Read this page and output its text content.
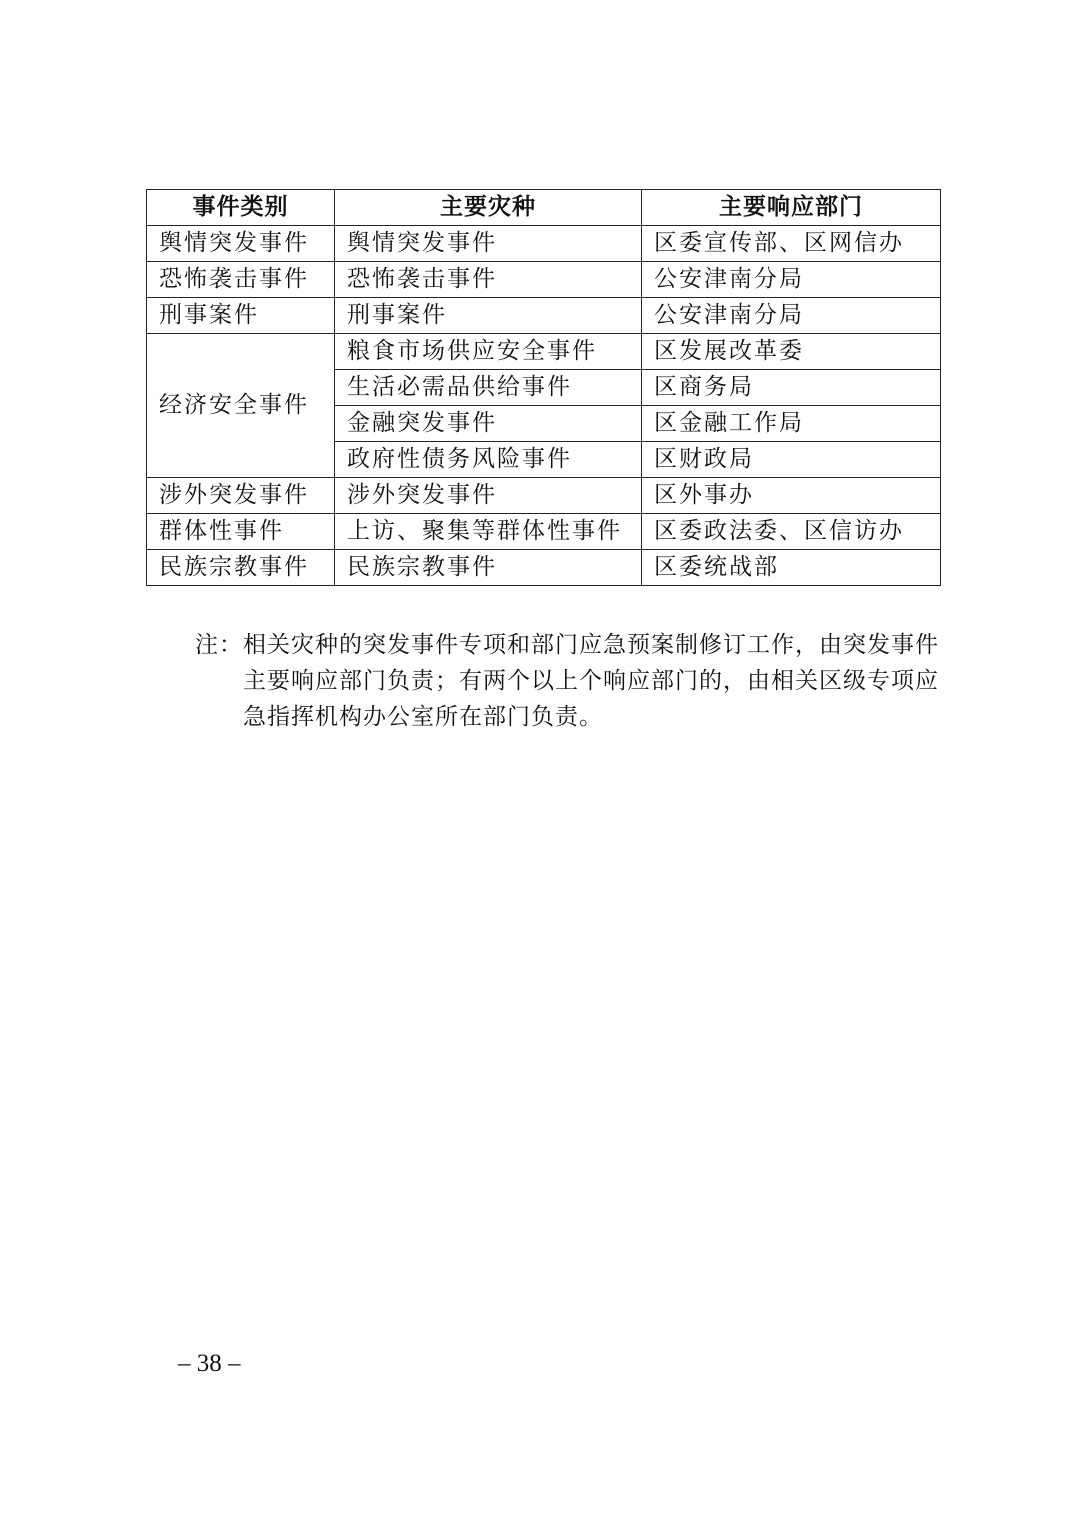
事件类别	主要灾种	主要响应部门
舆情突发事件	舆情突发事件	区委宣传部、区网信办
恐怖袭击事件	恐怖袭击事件	公安津南分局
刑事案件	刑事案件	公安津南分局
经济安全事件	粮食市场供应安全事件	区发展改革委
	生活必需品供给事件	区商务局
	金融突发事件	区金融工作局
	政府性债务风险事件	区财政局
涉外突发事件	涉外突发事件	区外事办
群体性事件	上访、聚集等群体性事件	区委政法委、区信访办
民族宗教事件	民族宗教事件	区委统战部
注：相关灾种的突发事件专项和部门应急预案制修订工作，由突发事件
主要响应部门负责；有两个以上个响应部门的，由相关区级专项应
急指挥机构办公室所在部门负责。
– 38 –
